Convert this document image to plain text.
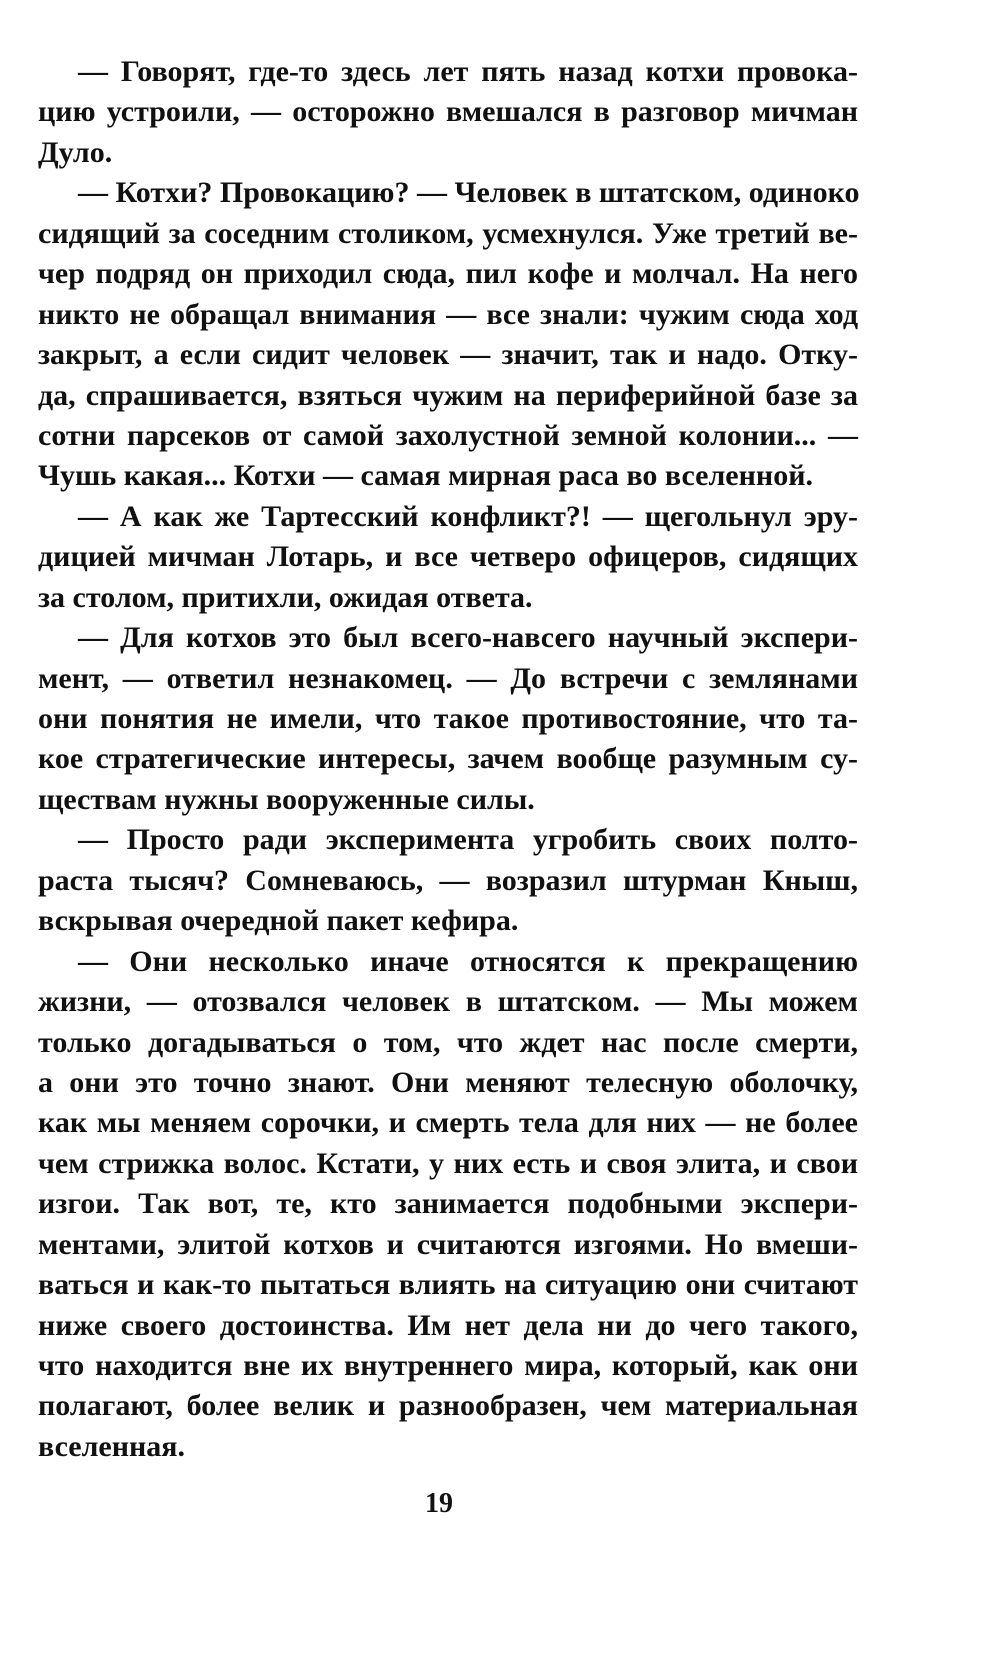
— Говорят, где-то здесь лет пять назад котхи провока-
цию устроили, — осторожно вмешался в разговор мичман
Дуло.
— Котхи? Провокацию? — Человек в штатском, одиноко
сидящий за соседним столиком, усмехнулся. Уже третий ве-
чер подряд он приходил сюда, пил кофе и молчал. На него
никто не обращал внимания — все знали: чужим сюда ход
закрыт, а если сидит человек — значит, так и надо. Отку-
да, спрашивается, взяться чужим на периферийной базе за
сотни парсеков от самой захолустной земной колонии... —
Чушь какая... Котхи — самая мирная раса во вселенной.
— А как же Тартесский конфликт?! — щегольнул эру-
дицией мичман Лотарь, и все четверо офицеров, сидящих
за столом, притихли, ожидая ответа.
— Для котхов это был всего-навсего научный экспери-
мент, — ответил незнакомец. — До встречи с землянами
они понятия не имели, что такое противостояние, что та-
кое стратегические интересы, зачем вообще разумным су-
ществам нужны вооруженные силы.
— Просто ради эксперимента угробить своих полто-
раста тысяч? Сомневаюсь, — возразил штурман Кныш,
вскрывая очередной пакет кефира.
— Они несколько иначе относятся к прекращению
жизни, — отозвался человек в штатском. — Мы можем
только догадываться о том, что ждет нас после смерти,
а они это точно знают. Они меняют телесную оболочку,
как мы меняем сорочки, и смерть тела для них — не более
чем стрижка волос. Кстати, у них есть и своя элита, и свои
изгои. Так вот, те, кто занимается подобными экспери-
ментами, элитой котхов и считаются изгоями. Но вмеши-
ваться и как-то пытаться влиять на ситуацию они считают
ниже своего достоинства. Им нет дела ни до чего такого,
что находится вне их внутреннего мира, который, как они
полагают, более велик и разнообразен, чем материальная
вселенная.
19
